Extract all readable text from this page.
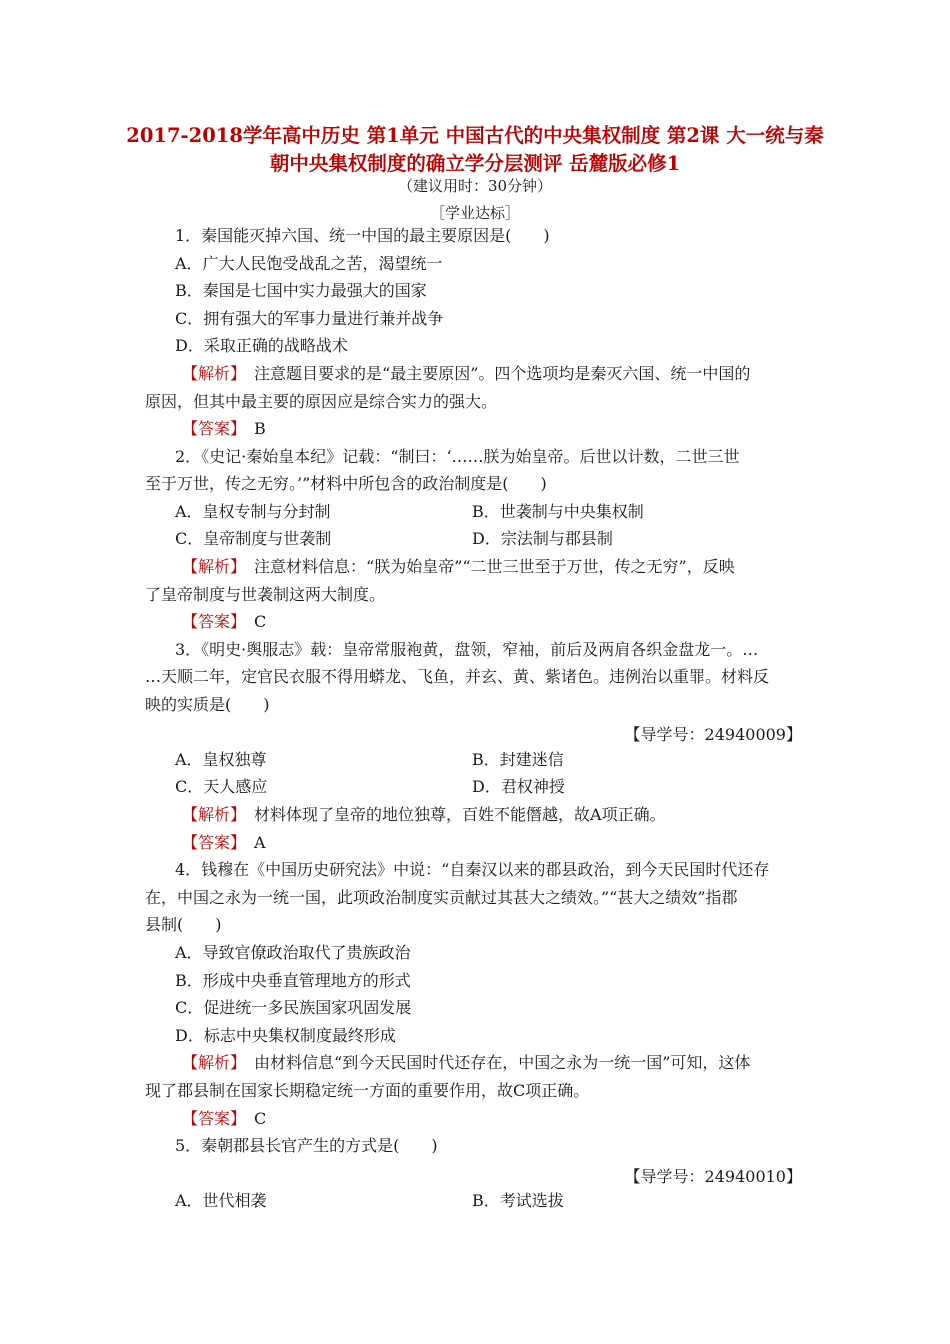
2017-2018学年高中历史 第1单元 中国古代的中央集权制度 第2课 大一统与秦朝中央集权制度的确立学分层测评 岳麓版必修1
（建议用时：30分钟）
［学业达标］
1．秦国能灭掉六国、统一中国的最主要原因是(　　)
A．广大人民饱受战乱之苦，渴望统一
B．秦国是七国中实力最强大的国家
C．拥有强大的军事力量进行兼并战争
D．采取正确的战略战术
【解析】　注意题目要求的是“最主要原因”。四个选项均是秦灭六国、统一中国的
原因，但其中最主要的原因应是综合实力的强大。
【答案】　B
2．《史记·秦始皇本纪》记载：“制曰：‘……朕为始皇帝。后世以计数，二世三世
至于万世，传之无穷。’”材料中所包含的政治制度是(　　)
A．皇权专制与分封制	B．世袭制与中央集权制
C．皇帝制度与世袭制	D．宗法制与郡县制
【解析】　注意材料信息：“朕为始皇帝”“二世三世至于万世，传之无穷”，反映
了皇帝制度与世袭制这两大制度。
【答案】　C
3．《明史·舆服志》载：皇帝常服袍黄，盘领，窄袖，前后及两肩各织金盘龙一。…
…天顺二年，定官民衣服不得用蟒龙、飞鱼，并玄、黄、紫诸色。违例治以重罪。材料反
映的实质是(　　)
【导学号：24940009】
A．皇权独尊	B．封建迷信
C．天人感应	D．君权神授
【解析】　材料体现了皇帝的地位独尊，百姓不能僭越，故A项正确。
【答案】　A
4．钱穆在《中国历史研究法》中说：“自秦汉以来的郡县政治，到今天民国时代还存
在，中国之永为一统一国，此项政治制度实贡献过其甚大之绩效。”“甚大之绩效”指郡
县制(　　)
A．导致官僚政治取代了贵族政治
B．形成中央垂直管理地方的形式
C．促进统一多民族国家巩固发展
D．标志中央集权制度最终形成
【解析】　由材料信息“到今天民国时代还存在，中国之永为一统一国”可知，这体
现了郡县制在国家长期稳定统一方面的重要作用，故C项正确。
【答案】　C
5．秦朝郡县长官产生的方式是(　　)
【导学号：24940010】
A．世代相袭	B．考试选拔
